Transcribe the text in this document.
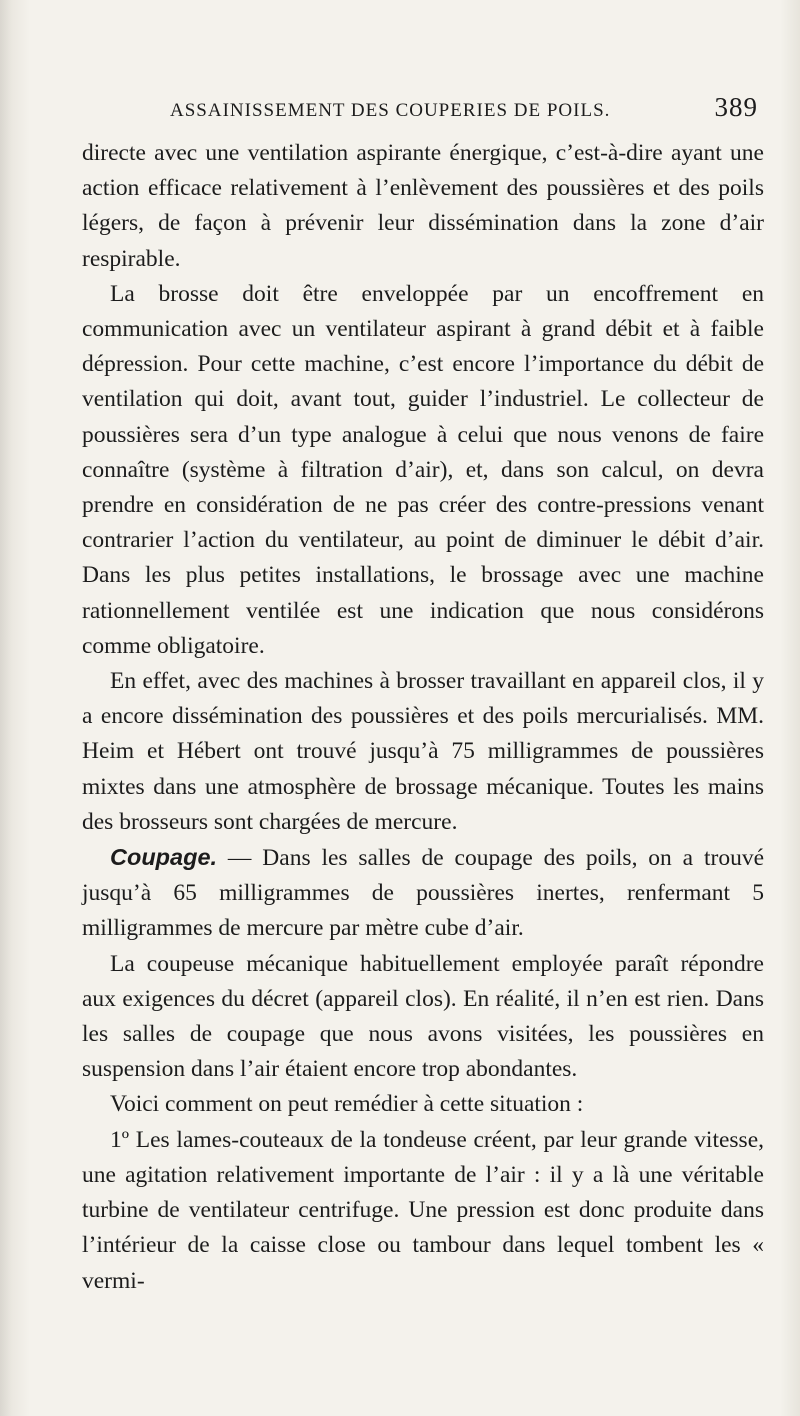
ASSAINISSEMENT DES COUPERIES DE POILS.	389

directe avec une ventilation aspirante énergique, c’est-à-dire ayant une action efficace relativement à l’enlèvement des poussières et des poils légers, de façon à prévenir leur dissémination dans la zone d’air respirable.

La brosse doit être enveloppée par un encoffrement en communication avec un ventilateur aspirant à grand débit et à faible dépression. Pour cette machine, c’est encore l’importance du débit de ventilation qui doit, avant tout, guider l’industriel. Le collecteur de poussières sera d’un type analogue à celui que nous venons de faire connaître (système à filtration d’air), et, dans son calcul, on devra prendre en considération de ne pas créer des contre-pressions venant contrarier l’action du ventilateur, au point de diminuer le débit d’air. Dans les plus petites installations, le brossage avec une machine rationnellement ventilée est une indication que nous considérons comme obligatoire.

En effet, avec des machines à brosser travaillant en appareil clos, il y a encore dissémination des poussières et des poils mercurialisés. MM. Heim et Hébert ont trouvé jusqu’à 75 milligrammes de poussières mixtes dans une atmosphère de brossage mécanique. Toutes les mains des brosseurs sont chargées de mercure.

Coupage. — Dans les salles de coupage des poils, on a trouvé jusqu’à 65 milligrammes de poussières inertes, renfermant 5 milligrammes de mercure par mètre cube d’air.

La coupeuse mécanique habituellement employée paraît répondre aux exigences du décret (appareil clos). En réalité, il n’en est rien. Dans les salles de coupage que nous avons visitées, les poussières en suspension dans l’air étaient encore trop abondantes.

Voici comment on peut remédier à cette situation :

1º Les lames-couteaux de la tondeuse créent, par leur grande vitesse, une agitation relativement importante de l’air : il y a là une véritable turbine de ventilateur centrifuge. Une pression est donc produite dans l’intérieur de la caisse close ou tambour dans lequel tombent les « vermi-
